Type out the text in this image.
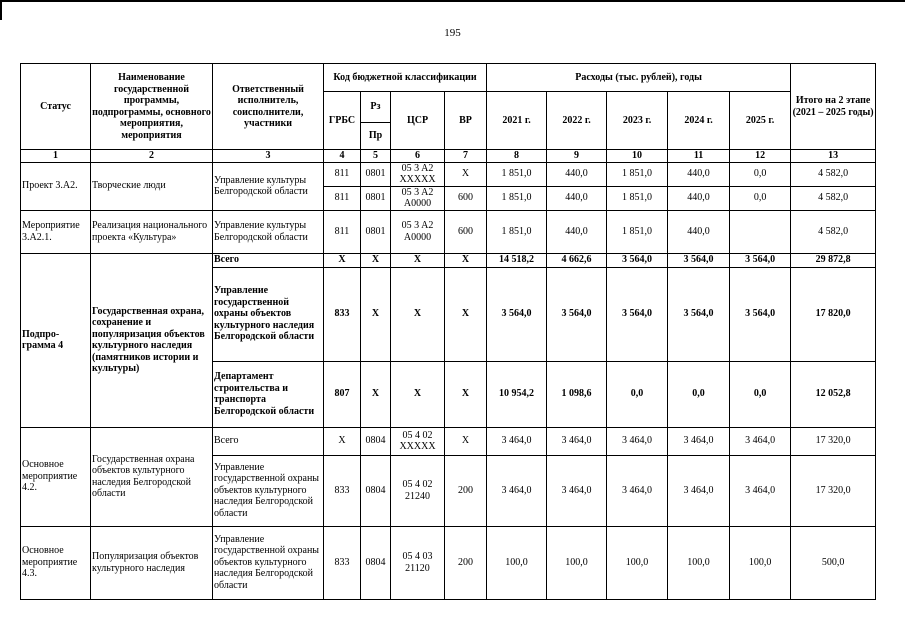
195
Статус	Наименование государственной программы, подпрограммы, основного мероприятия, мероприятия	Ответственный исполнитель, соисполнители, участники	Код бюджетной классификации				Расходы (тыс. рублей), годы					Итого на 2 этапе (2021 – 2025 годы)
			ГРБС	Рз	ЦСР	ВР	2021 г.	2022 г.	2023 г.	2024 г.	2025 г.	
				Пр								
1	2	3	4	5	6	7	8	9	10	11	12	13
Проект 3.А2.	Творческие люди	Управление культуры Белгородской области	811	0801	05 3 A2 XXXXX	X	1 851,0	440,0	1 851,0	440,0	0,0	4 582,0
			811	0801	05 3 A2 A0000	600	1 851,0	440,0	1 851,0	440,0	0,0	4 582,0
Мероприятие 3.А2.1.	Реализация национального проекта «Культура»	Управление культуры Белгородской области	811	0801	05 3 A2 A0000	600	1 851,0	440,0	1 851,0	440,0		4 582,0
Подпро-грамма 4	Государственная охрана, сохранение и популяризация объектов культурного наследия (памятников истории и культуры)	Всего	X	X	X	X	14 518,2	4 662,6	3 564,0	3 564,0	3 564,0	29 872,8
		Управление государственной охраны объектов культурного наследия Белгородской области	833	X	X	X	3 564,0	3 564,0	3 564,0	3 564,0	3 564,0	17 820,0
		Департамент строительства и транспорта Белгородской области	807	X	X	X	10 954,2	1 098,6	0,0	0,0	0,0	12 052,8
Основное мероприятие 4.2.	Государственная охрана объектов культурного наследия Белгородской области	Всего	X	0804	05 4 02 XXXXX	X	3 464,0	3 464,0	3 464,0	3 464,0	3 464,0	17 320,0
		Управление государственной охраны объектов культурного наследия Белгородской области	833	0804	05 4 02 21240	200	3 464,0	3 464,0	3 464,0	3 464,0	3 464,0	17 320,0
Основное мероприятие 4.3.	Популяризация объектов культурного наследия	Управление государственной охраны объектов культурного наследия Белгородской области	833	0804	05 4 03 21120	200	100,0	100,0	100,0	100,0	100,0	500,0
